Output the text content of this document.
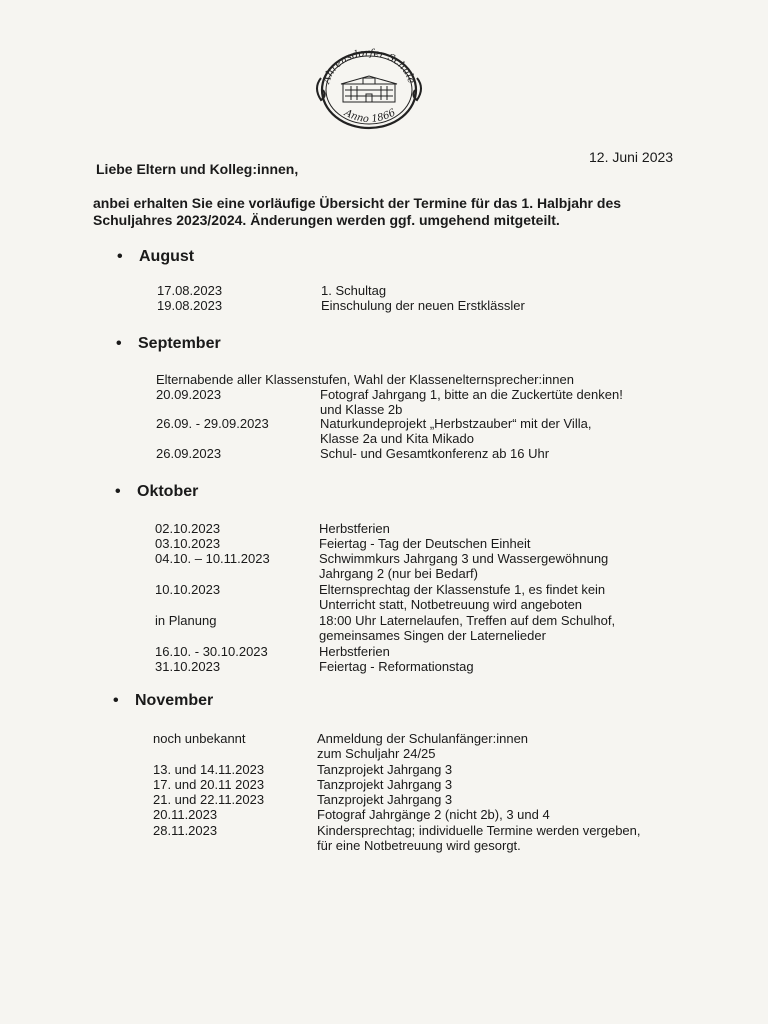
Ahrensdorfer Schule
Anno 1866
12. Juni 2023
Liebe Eltern und Kolleg:innen,
anbei erhalten Sie eine vorläufige Übersicht der Termine für das 1. Halbjahr des
Schuljahres 2023/2024. Änderungen werden ggf. umgehend mitgeteilt.
• August
17.08.2023	1. Schultag
19.08.2023	Einschulung der neuen Erstklässler
• September
Elternabende aller Klassenstufen, Wahl der Klassenelternsprecher:innen
20.09.2023	Fotograf Jahrgang 1, bitte an die Zuckertüte denken!
und Klasse 2b
26.09. - 29.09.2023	Naturkundeprojekt „Herbstzauber“ mit der Villa,
Klasse 2a und Kita Mikado
26.09.2023	Schul- und Gesamtkonferenz ab 16 Uhr
• Oktober
02.10.2023	Herbstferien
03.10.2023	Feiertag - Tag der Deutschen Einheit
04.10. – 10.11.2023	Schwimmkurs Jahrgang 3 und Wassergewöhnung
Jahrgang 2 (nur bei Bedarf)
10.10.2023	Elternsprechtag der Klassenstufe 1, es findet kein
Unterricht statt, Notbetreuung wird angeboten
in Planung	18:00 Uhr Laternelaufen, Treffen auf dem Schulhof,
gemeinsames Singen der Laternelieder
16.10. - 30.10.2023	Herbstferien
31.10.2023	Feiertag - Reformationstag
• November
noch unbekannt	Anmeldung der Schulanfänger:innen
zum Schuljahr 24/25
13. und 14.11.2023	Tanzprojekt Jahrgang 3
17. und 20.11 2023	Tanzprojekt Jahrgang 3
21. und 22.11.2023	Tanzprojekt Jahrgang 3
20.11.2023	Fotograf Jahrgänge 2 (nicht 2b), 3 und 4
28.11.2023	Kindersprechtag; individuelle Termine werden vergeben,
für eine Notbetreuung wird gesorgt.
